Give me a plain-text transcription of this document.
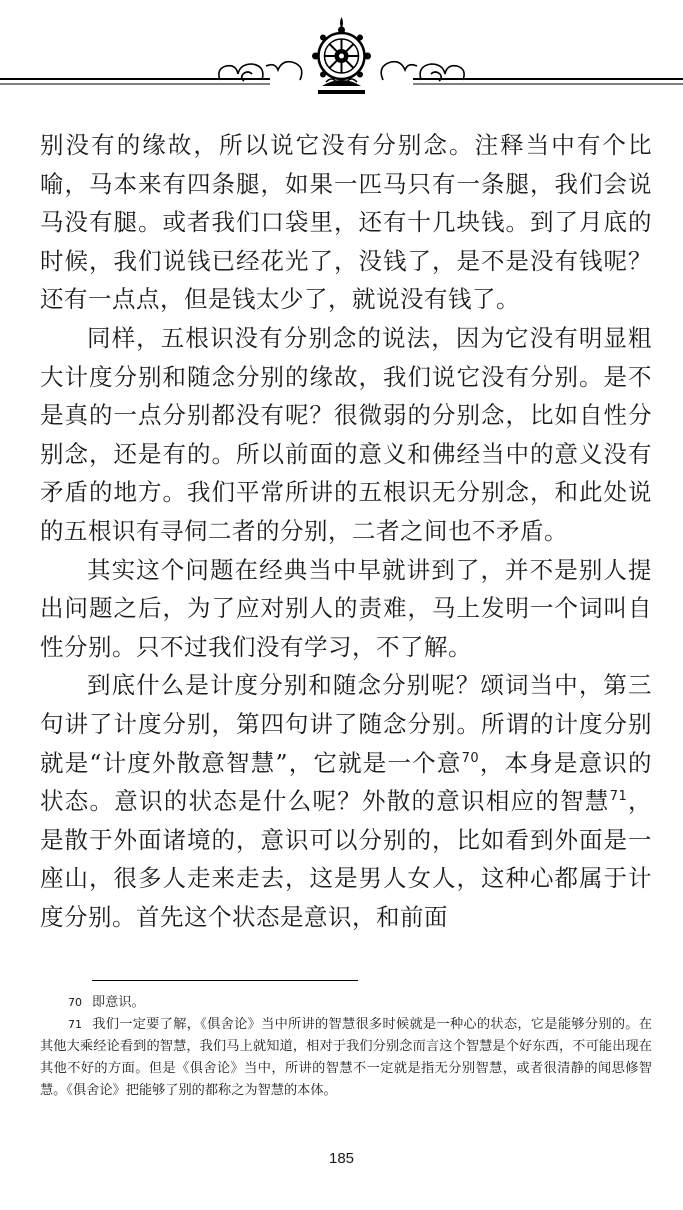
别没有的缘故，所以说它没有分别念。注释当中有个比喻，马本来有四条腿，如果一匹马只有一条腿，我们会说马没有腿。或者我们口袋里，还有十几块钱。到了月底的时候，我们说钱已经花光了，没钱了，是不是没有钱呢？还有一点点，但是钱太少了，就说没有钱了。

同样，五根识没有分别念的说法，因为它没有明显粗大计度分别和随念分别的缘故，我们说它没有分别。是不是真的一点分别都没有呢？很微弱的分别念，比如自性分别念，还是有的。所以前面的意义和佛经当中的意义没有矛盾的地方。我们平常所讲的五根识无分别念，和此处说的五根识有寻伺二者的分别，二者之间也不矛盾。

其实这个问题在经典当中早就讲到了，并不是别人提出问题之后，为了应对别人的责难，马上发明一个词叫自性分别。只不过我们没有学习，不了解。

到底什么是计度分别和随念分别呢？颂词当中，第三句讲了计度分别，第四句讲了随念分别。所谓的计度分别就是“计度外散意智慧”，它就是一个意$^{70}$，本身是意识的状态。意识的状态是什么呢？外散的意识相应的智慧$^{71}$，是散于外面诸境的，意识可以分别的，比如看到外面是一座山，很多人走来走去，这是男人女人，这种心都属于计度分别。首先这个状态是意识，和前面

70 即意识。

71 我们一定要了解，《俱舍论》当中所讲的智慧很多时候就是一种心的状态，它是能够分别的。在其他大乘经论看到的智慧，我们马上就知道，相对于我们分别念而言这个智慧是个好东西，不可能出现在其他不好的方面。但是《俱舍论》当中，所讲的智慧不一定就是指无分别智慧，或者很清静的闻思修智慧。《俱舍论》把能够了别的都称之为智慧的本体。

185
